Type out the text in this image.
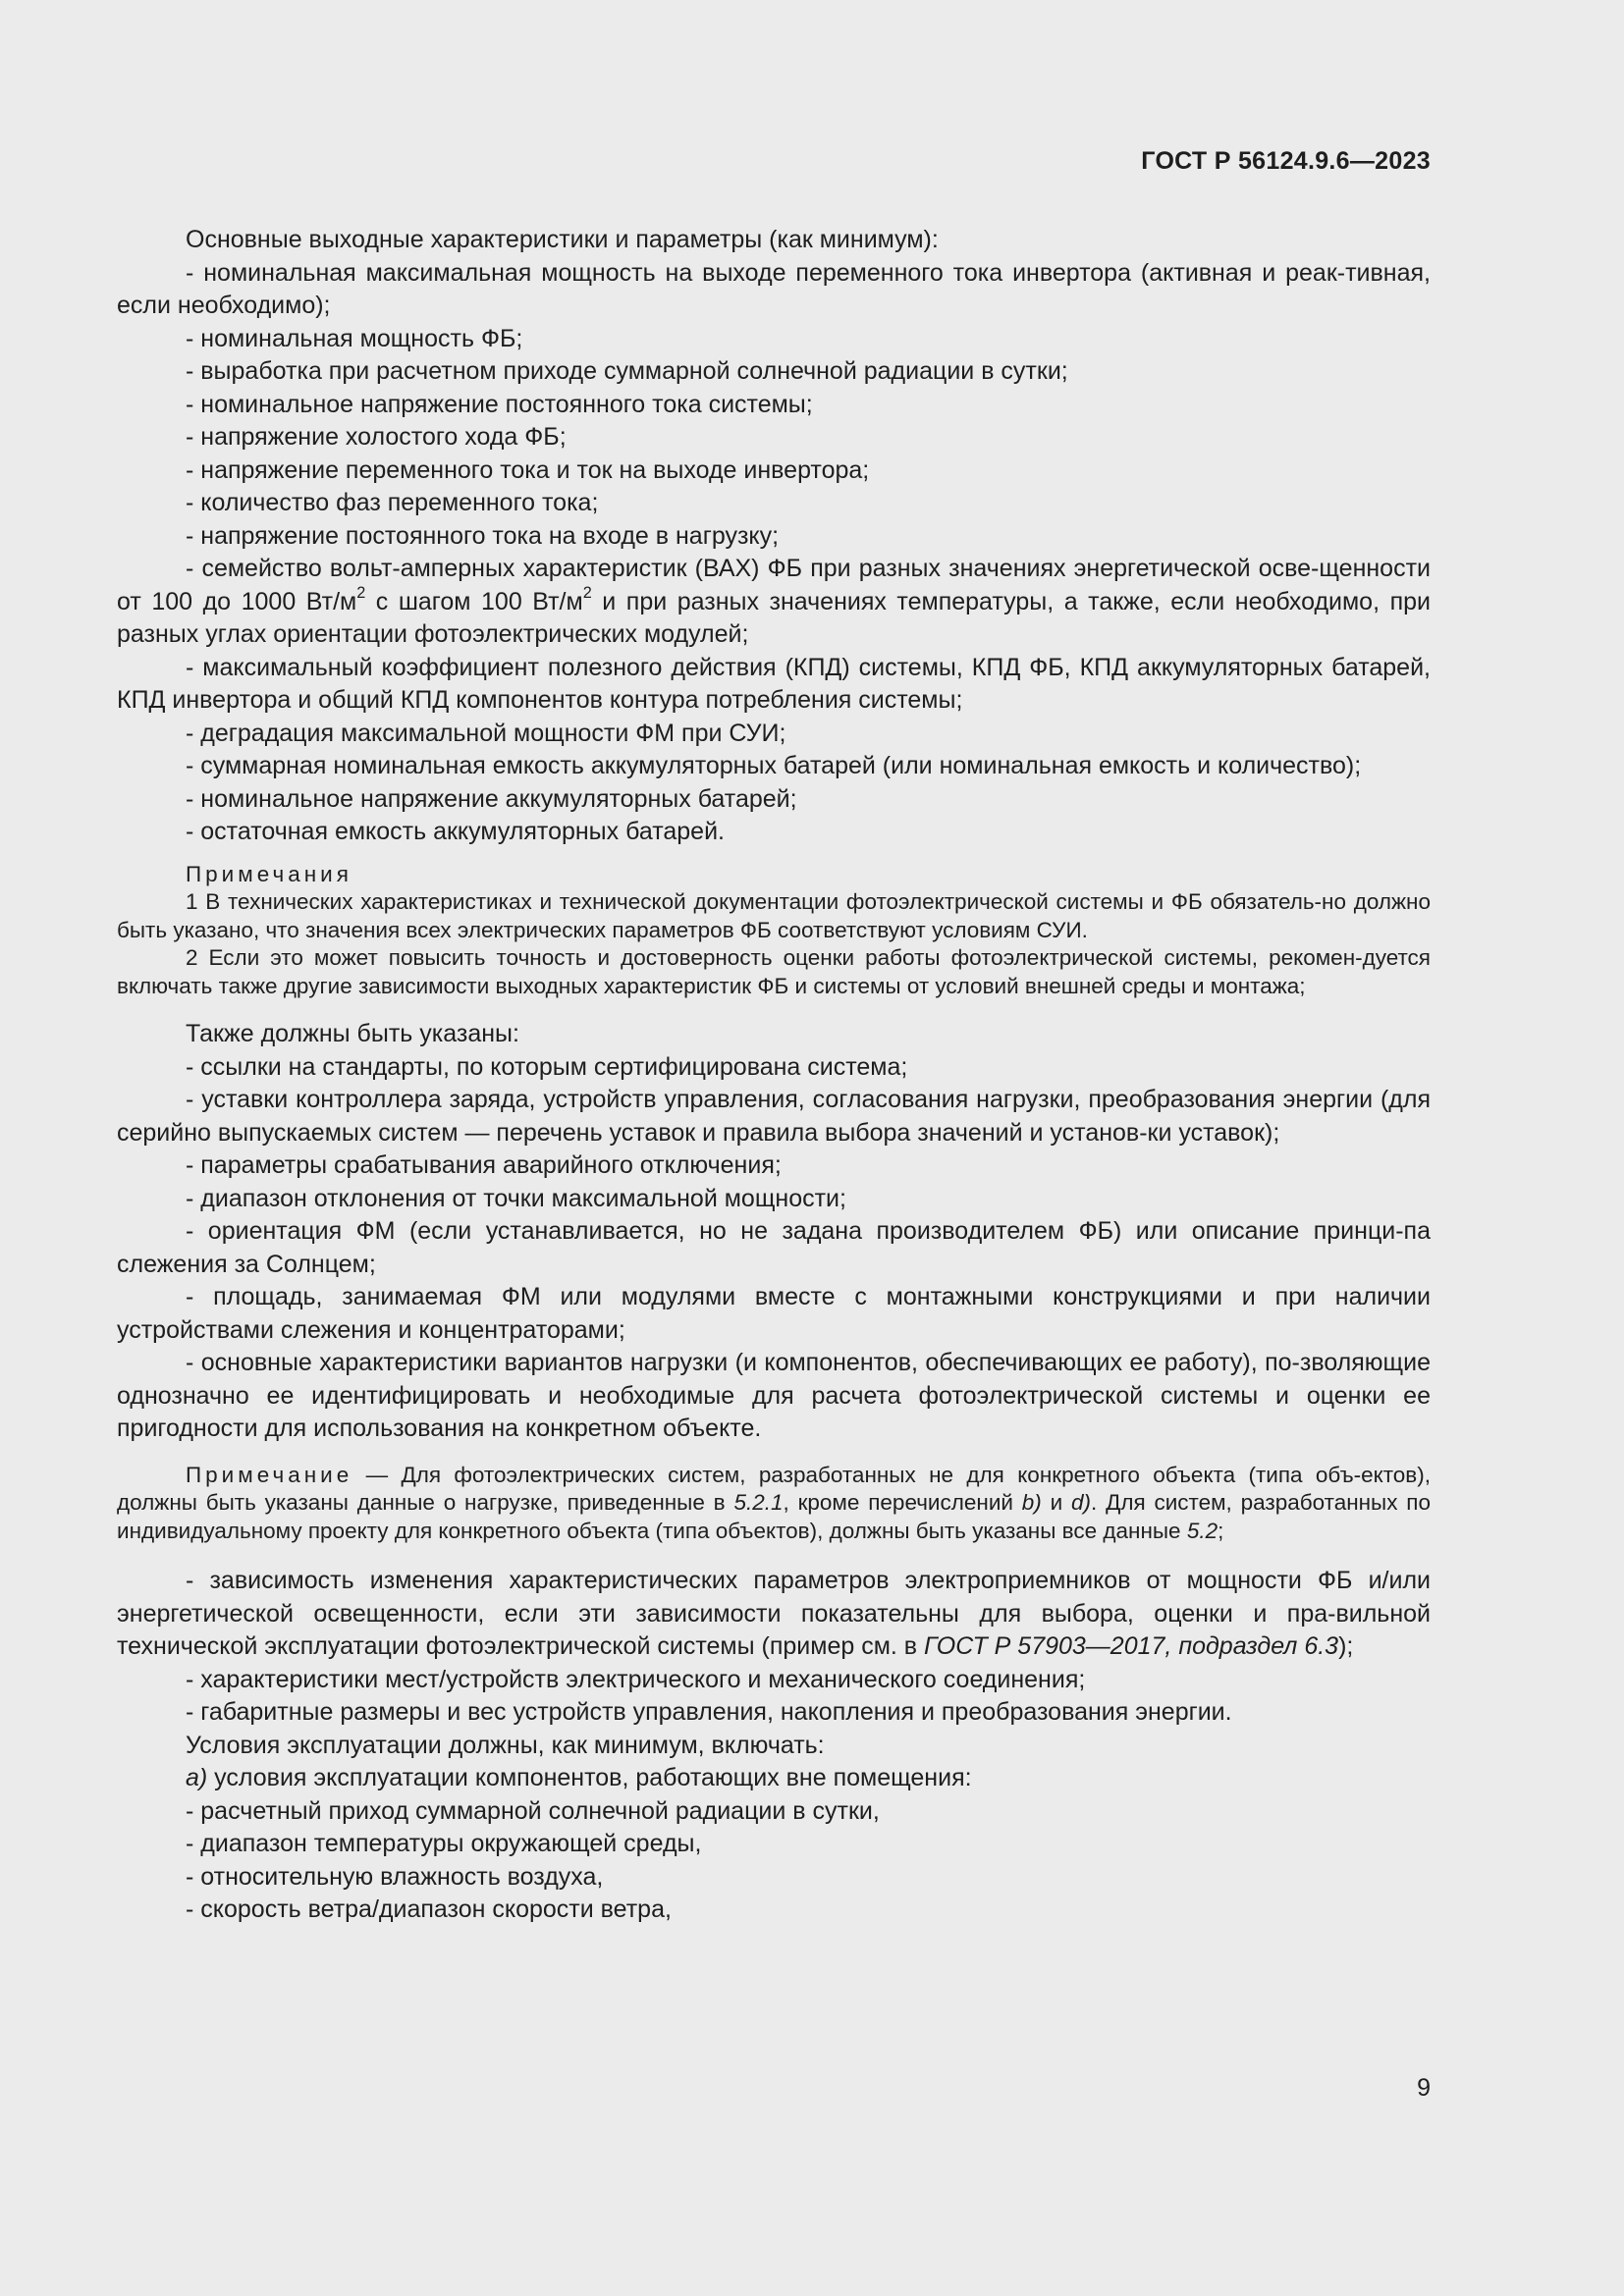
ГОСТ Р 56124.9.6—2023

Основные выходные характеристики и параметры (как минимум):

- номинальная максимальная мощность на выходе переменного тока инвертора (активная и реак-тивная, если необходимо);

- номинальная мощность ФБ;

- выработка при расчетном приходе суммарной солнечной радиации в сутки;

- номинальное напряжение постоянного тока системы;

- напряжение холостого хода ФБ;

- напряжение переменного тока и ток на выходе инвертора;

- количество фаз переменного тока;

- напряжение постоянного тока на входе в нагрузку;

- семейство вольт-амперных характеристик (ВАХ) ФБ при разных значениях энергетической осве-щенности от 100 до 1000 $Вт/м^2$ с шагом 100 $Вт/м^2$ и при разных значениях температуры, а также, если необходимо, при разных углах ориентации фотоэлектрических модулей;

- максимальный коэффициент полезного действия (КПД) системы, КПД ФБ, КПД аккумуляторных батарей, КПД инвертора и общий КПД компонентов контура потребления системы;

- деградация максимальной мощности ФМ при СУИ;

- суммарная номинальная емкость аккумуляторных батарей (или номинальная емкость и количество);

- номинальное напряжение аккумуляторных батарей;

- остаточная емкость аккумуляторных батарей.

Примечания

1 В технических характеристиках и технической документации фотоэлектрической системы и ФБ обязатель-но должно быть указано, что значения всех электрических параметров ФБ соответствуют условиям СУИ.

2 Если это может повысить точность и достоверность оценки работы фотоэлектрической системы, рекомен-дуется включать также другие зависимости выходных характеристик ФБ и системы от условий внешней среды и монтажа;

Также должны быть указаны:

- ссылки на стандарты, по которым сертифицирована система;

- уставки контроллера заряда, устройств управления, согласования нагрузки, преобразования энергии (для серийно выпускаемых систем — перечень уставок и правила выбора значений и установ-ки уставок);

- параметры срабатывания аварийного отключения;

- диапазон отклонения от точки максимальной мощности;

- ориентация ФМ (если устанавливается, но не задана производителем ФБ) или описание принци-па слежения за Солнцем;

- площадь, занимаемая ФМ или модулями вместе с монтажными конструкциями и при наличии устройствами слежения и концентраторами;

- основные характеристики вариантов нагрузки (и компонентов, обеспечивающих ее работу), по-зволяющие однозначно ее идентифицировать и необходимые для расчета фотоэлектрической системы и оценки ее пригодности для использования на конкретном объекте.

Примечание — Для фотоэлектрических систем, разработанных не для конкретного объекта (типа объ-ектов), должны быть указаны данные о нагрузке, приведенные в 5.2.1, кроме перечислений b) и d). Для систем, разработанных по индивидуальному проекту для конкретного объекта (типа объектов), должны быть указаны все данные 5.2;

- зависимость изменения характеристических параметров электроприемников от мощности ФБ и/или энергетической освещенности, если эти зависимости показательны для выбора, оценки и пра-вильной технической эксплуатации фотоэлектрической системы (пример см. в ГОСТ Р 57903—2017, подраздел 6.3);

- характеристики мест/устройств электрического и механического соединения;

- габаритные размеры и вес устройств управления, накопления и преобразования энергии.

Условия эксплуатации должны, как минимум, включать:

а) условия эксплуатации компонентов, работающих вне помещения:

- расчетный приход суммарной солнечной радиации в сутки,

- диапазон температуры окружающей среды,

- относительную влажность воздуха,

- скорость ветра/диапазон скорости ветра,

9
